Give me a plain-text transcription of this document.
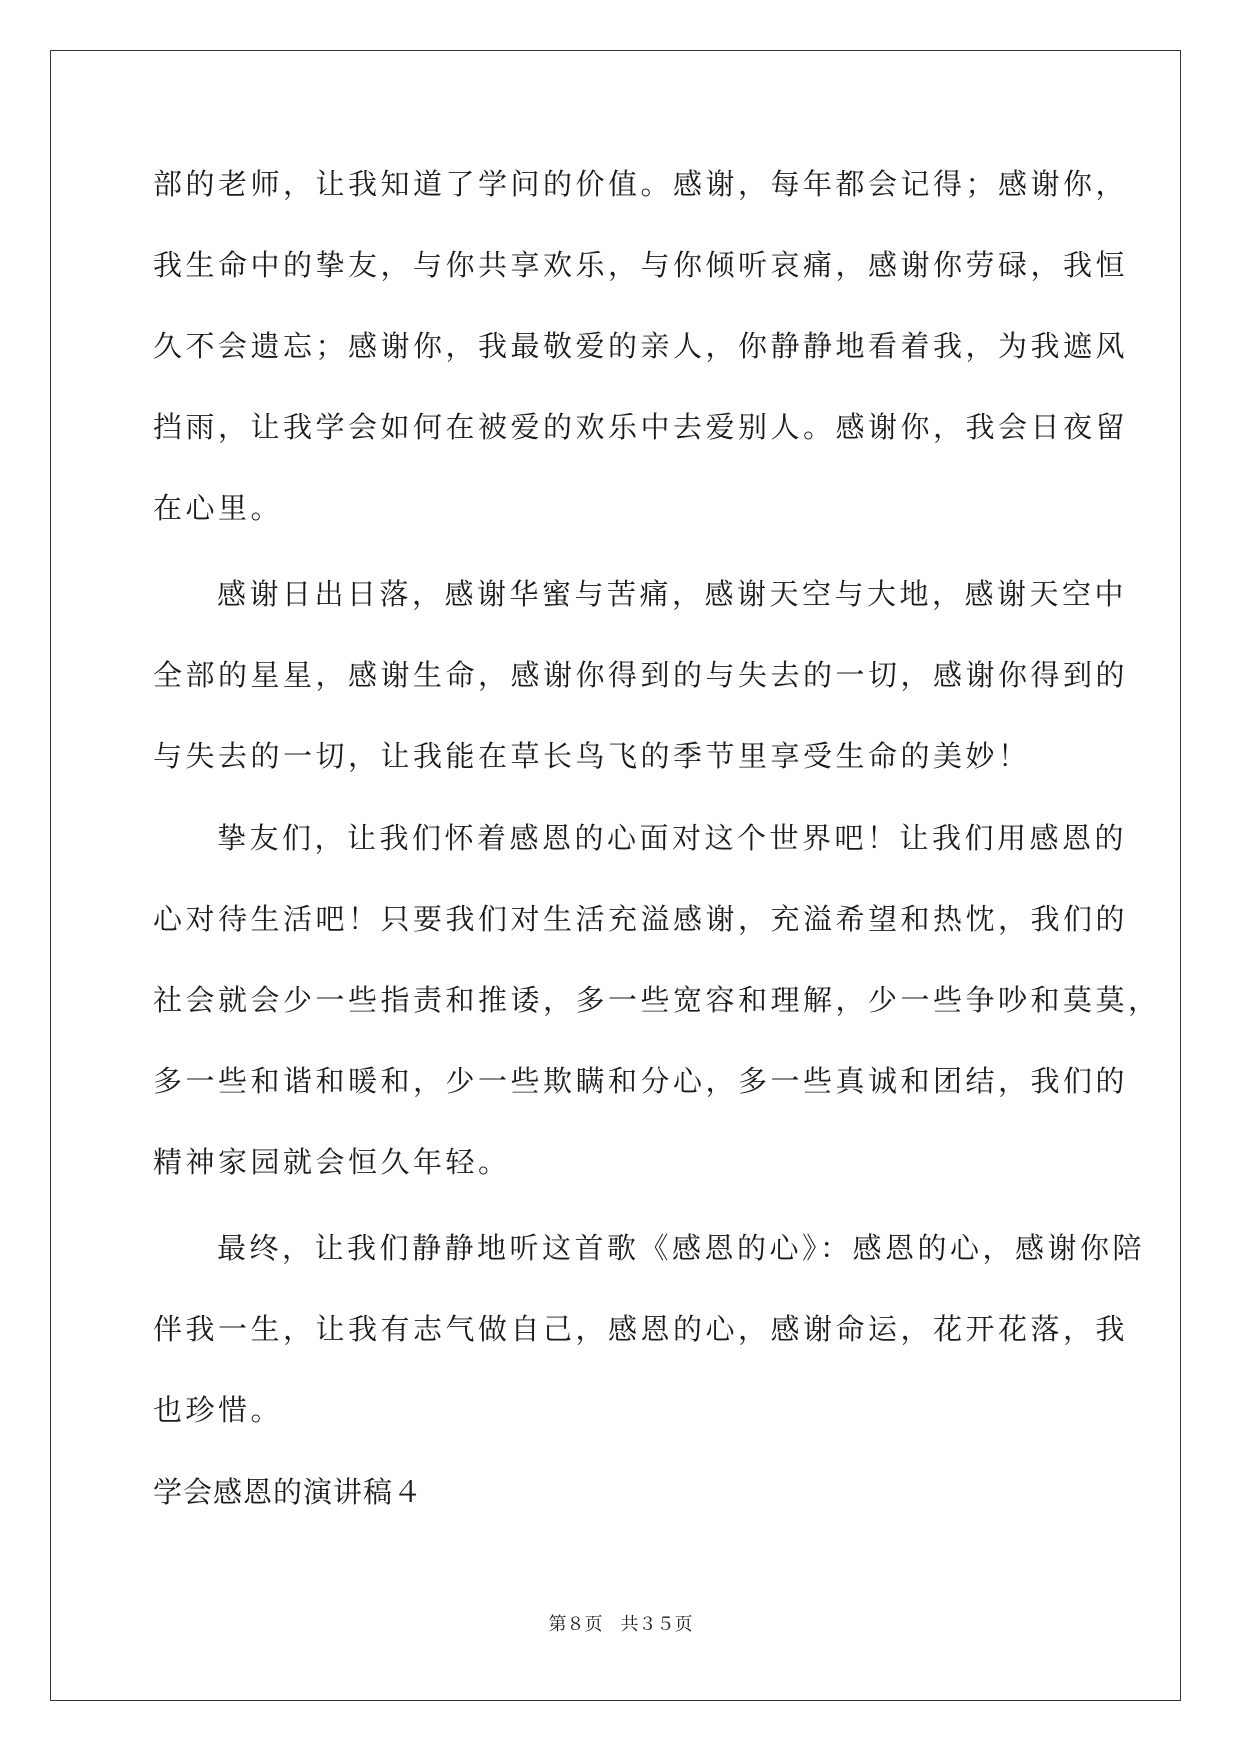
部的老师，让我知道了学问的价值。感谢，每年都会记得；感谢你，
我生命中的挚友，与你共享欢乐，与你倾听哀痛，感谢你劳碌，我恒
久不会遗忘；感谢你，我最敬爱的亲人，你静静地看着我，为我遮风
挡雨，让我学会如何在被爱的欢乐中去爱别人。感谢你，我会日夜留
在心里。

感谢日出日落，感谢华蜜与苦痛，感谢天空与大地，感谢天空中
全部的星星，感谢生命，感谢你得到的与失去的一切，感谢你得到的
与失去的一切，让我能在草长鸟飞的季节里享受生命的美妙！

挚友们，让我们怀着感恩的心面对这个世界吧！让我们用感恩的
心对待生活吧！只要我们对生活充溢感谢，充溢希望和热忱，我们的
社会就会少一些指责和推诿，多一些宽容和理解，少一些争吵和莫莫，
多一些和谐和暖和，少一些欺瞒和分心，多一些真诚和团结，我们的
精神家园就会恒久年轻。

最终，让我们静静地听这首歌《感恩的心》：感恩的心，感谢你陪
伴我一生，让我有志气做自己，感恩的心，感谢命运，花开花落，我
也珍惜。

学会感恩的演讲稿４
第８页　共３５页
